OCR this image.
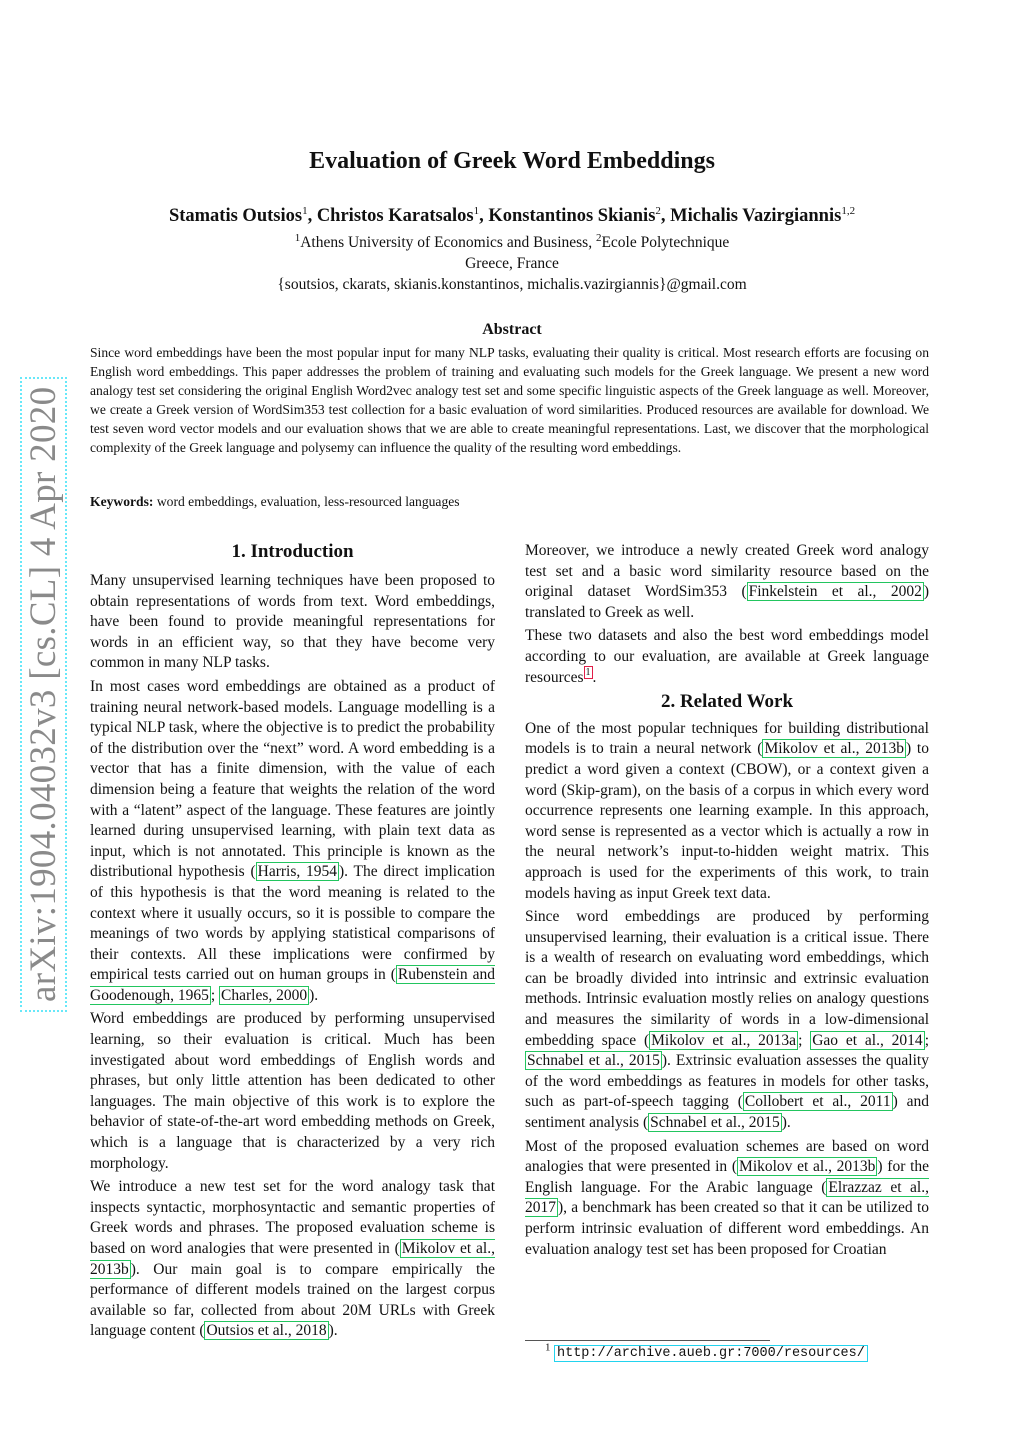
arXiv:1904.04032v3 [cs.CL] 4 Apr 2020
Evaluation of Greek Word Embeddings
Stamatis Outsios$^1$, Christos Karatsalos$^1$, Konstantinos Skianis$^2$, Michalis Vazirgiannis$^{1,2}$
$^1$Athens University of Economics and Business, $^2$Ecole Polytechnique
Greece, France
{soutsios, ckarats, skianis.konstantinos, michalis.vazirgiannis}@gmail.com
Abstract
Since word embeddings have been the most popular input for many NLP tasks, evaluating their quality is critical. Most research efforts are focusing on English word embeddings. This paper addresses the problem of training and evaluating such models for the Greek language. We present a new word analogy test set considering the original English Word2vec analogy test set and some specific linguistic aspects of the Greek language as well. Moreover, we create a Greek version of WordSim353 test collection for a basic evaluation of word similarities. Produced resources are available for download. We test seven word vector models and our evaluation shows that we are able to create meaningful representations. Last, we discover that the morphological complexity of the Greek language and polysemy can influence the quality of the resulting word embeddings.
Keywords: word embeddings, evaluation, less-resourced languages
1. Introduction

Many unsupervised learning techniques have been proposed to obtain representations of words from text. Word embeddings, have been found to provide meaningful representations for words in an efficient way, so that they have become very common in many NLP tasks.

In most cases word embeddings are obtained as a product of training neural network-based models. Language modelling is a typical NLP task, where the objective is to predict the probability of the distribution over the “next” word. A word embedding is a vector that has a finite dimension, with the value of each dimension being a feature that weights the relation of the word with a “latent” aspect of the language. These features are jointly learned during unsupervised learning, with plain text data as input, which is not annotated. This principle is known as the distributional hypothesis ( Harris, 1954 ). The direct implication of this hypothesis is that the word meaning is related to the context where it usually occurs, so it is possible to compare the meanings of two words by applying statistical comparisons of their contexts. All these implications were confirmed by empirical tests carried out on human groups in ( Rubenstein and Goodenough, 1965 ; Charles, 2000 ).

Word embeddings are produced by performing unsupervised learning, so their evaluation is critical. Much has been investigated about word embeddings of English words and phrases, but only little attention has been dedicated to other languages. The main objective of this work is to explore the behavior of state-of-the-art word embedding methods on Greek, which is a language that is characterized by a very rich morphology.

We introduce a new test set for the word analogy task that inspects syntactic, morphosyntactic and semantic properties of Greek words and phrases. The proposed evaluation scheme is based on word analogies that were presented in ( Mikolov et al., 2013b ). Our main goal is to compare empirically the performance of different models trained on the largest corpus available so far, collected from about 20M URLs with Greek language content ( Outsios et al., 2018 ).

Moreover, we introduce a newly created Greek word analogy test set and a basic word similarity resource based on the original dataset WordSim353 ( Finkelstein et al., 2002 ) translated to Greek as well.

These two datasets and also the best word embeddings model according to our evaluation, are available at Greek language resources $^1$ .

2. Related Work

One of the most popular techniques for building distributional models is to train a neural network ( Mikolov et al., 2013b ) to predict a word given a context (CBOW), or a context given a word (Skip-gram), on the basis of a corpus in which every word occurrence represents one learning example. In this approach, word sense is represented as a vector which is actually a row in the neural network’s input-to-hidden weight matrix. This approach is used for the experiments of this work, to train models having as input Greek text data.

Since word embeddings are produced by performing unsupervised learning, their evaluation is a critical issue. There is a wealth of research on evaluating word embeddings, which can be broadly divided into intrinsic and extrinsic evaluation methods. Intrinsic evaluation mostly relies on analogy questions and measures the similarity of words in a low-dimensional embedding space ( Mikolov et al., 2013a ; Gao et al., 2014 ; Schnabel et al., 2015 ). Extrinsic evaluation assesses the quality of the word embeddings as features in models for other tasks, such as part-of-speech tagging ( Collobert et al., 2011 ) and sentiment analysis ( Schnabel et al., 2015 ).

Most of the proposed evaluation schemes are based on word analogies that were presented in ( Mikolov et al., 2013b ) for the English language. For the Arabic language ( Elrazzaz et al., 2017 ), a benchmark has been created so that it can be utilized to perform intrinsic evaluation of different word embeddings. An evaluation analogy test set has been proposed for Croatian

$^1$ http://archive.aueb.gr:7000/resources/
